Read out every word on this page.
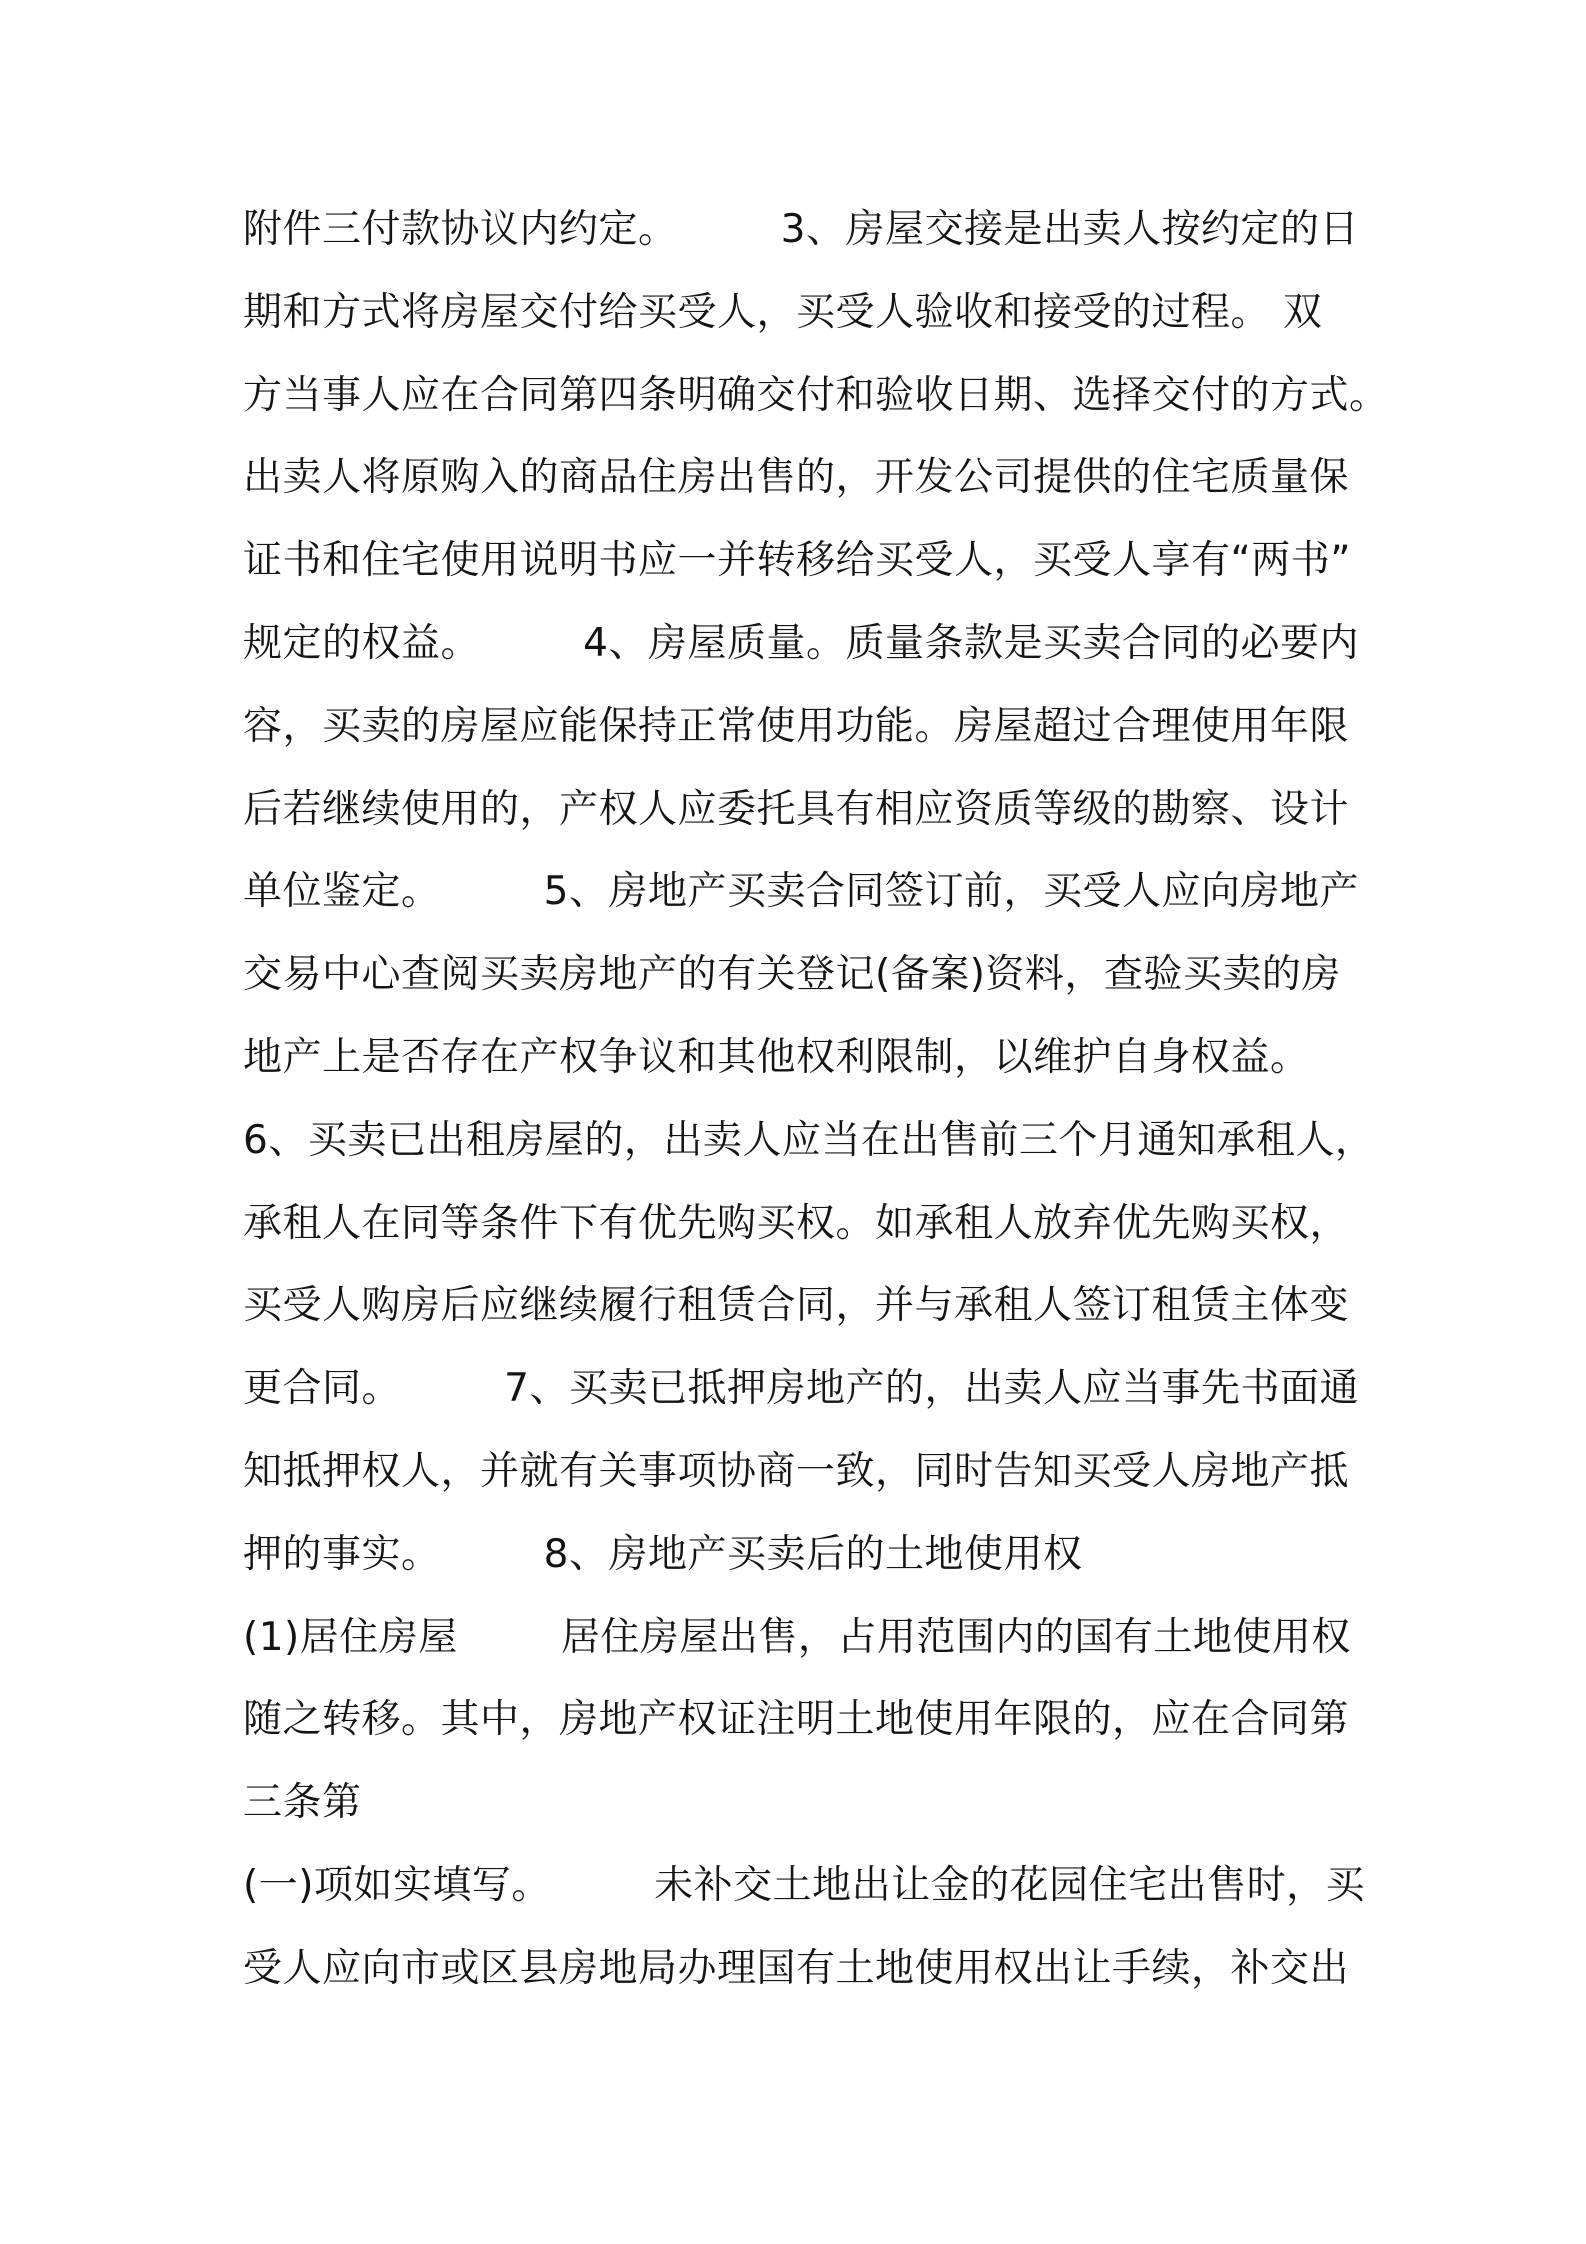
附件三付款协议内约定。        3、房屋交接是出卖人按约定的日
期和方式将房屋交付给买受人，买受人验收和接受的过程。 双
方当事人应在合同第四条明确交付和验收日期、选择交付的方式。
出卖人将原购入的商品住房出售的，开发公司提供的住宅质量保
证书和住宅使用说明书应一并转移给买受人，买受人享有“两书”
规定的权益。        4、房屋质量。质量条款是买卖合同的必要内
容，买卖的房屋应能保持正常使用功能。房屋超过合理使用年限
后若继续使用的，产权人应委托具有相应资质等级的勘察、设计
单位鉴定。        5、房地产买卖合同签订前，买受人应向房地产
交易中心查阅买卖房地产的有关登记(备案)资料，查验买卖的房
地产上是否存在产权争议和其他权利限制，以维护自身权益。
6、买卖已出租房屋的，出卖人应当在出售前三个月通知承租人，
承租人在同等条件下有优先购买权。如承租人放弃优先购买权，
买受人购房后应继续履行租赁合同，并与承租人签订租赁主体变
更合同。        7、买卖已抵押房地产的，出卖人应当事先书面通
知抵押权人，并就有关事项协商一致，同时告知买受人房地产抵
押的事实。        8、房地产买卖后的土地使用权
(1)居住房屋        居住房屋出售，占用范围内的国有土地使用权
随之转移。其中，房地产权证注明土地使用年限的，应在合同第
三条第
(一)项如实填写。        未补交土地出让金的花园住宅出售时，买
受人应向市或区县房地局办理国有土地使用权出让手续，补交出
